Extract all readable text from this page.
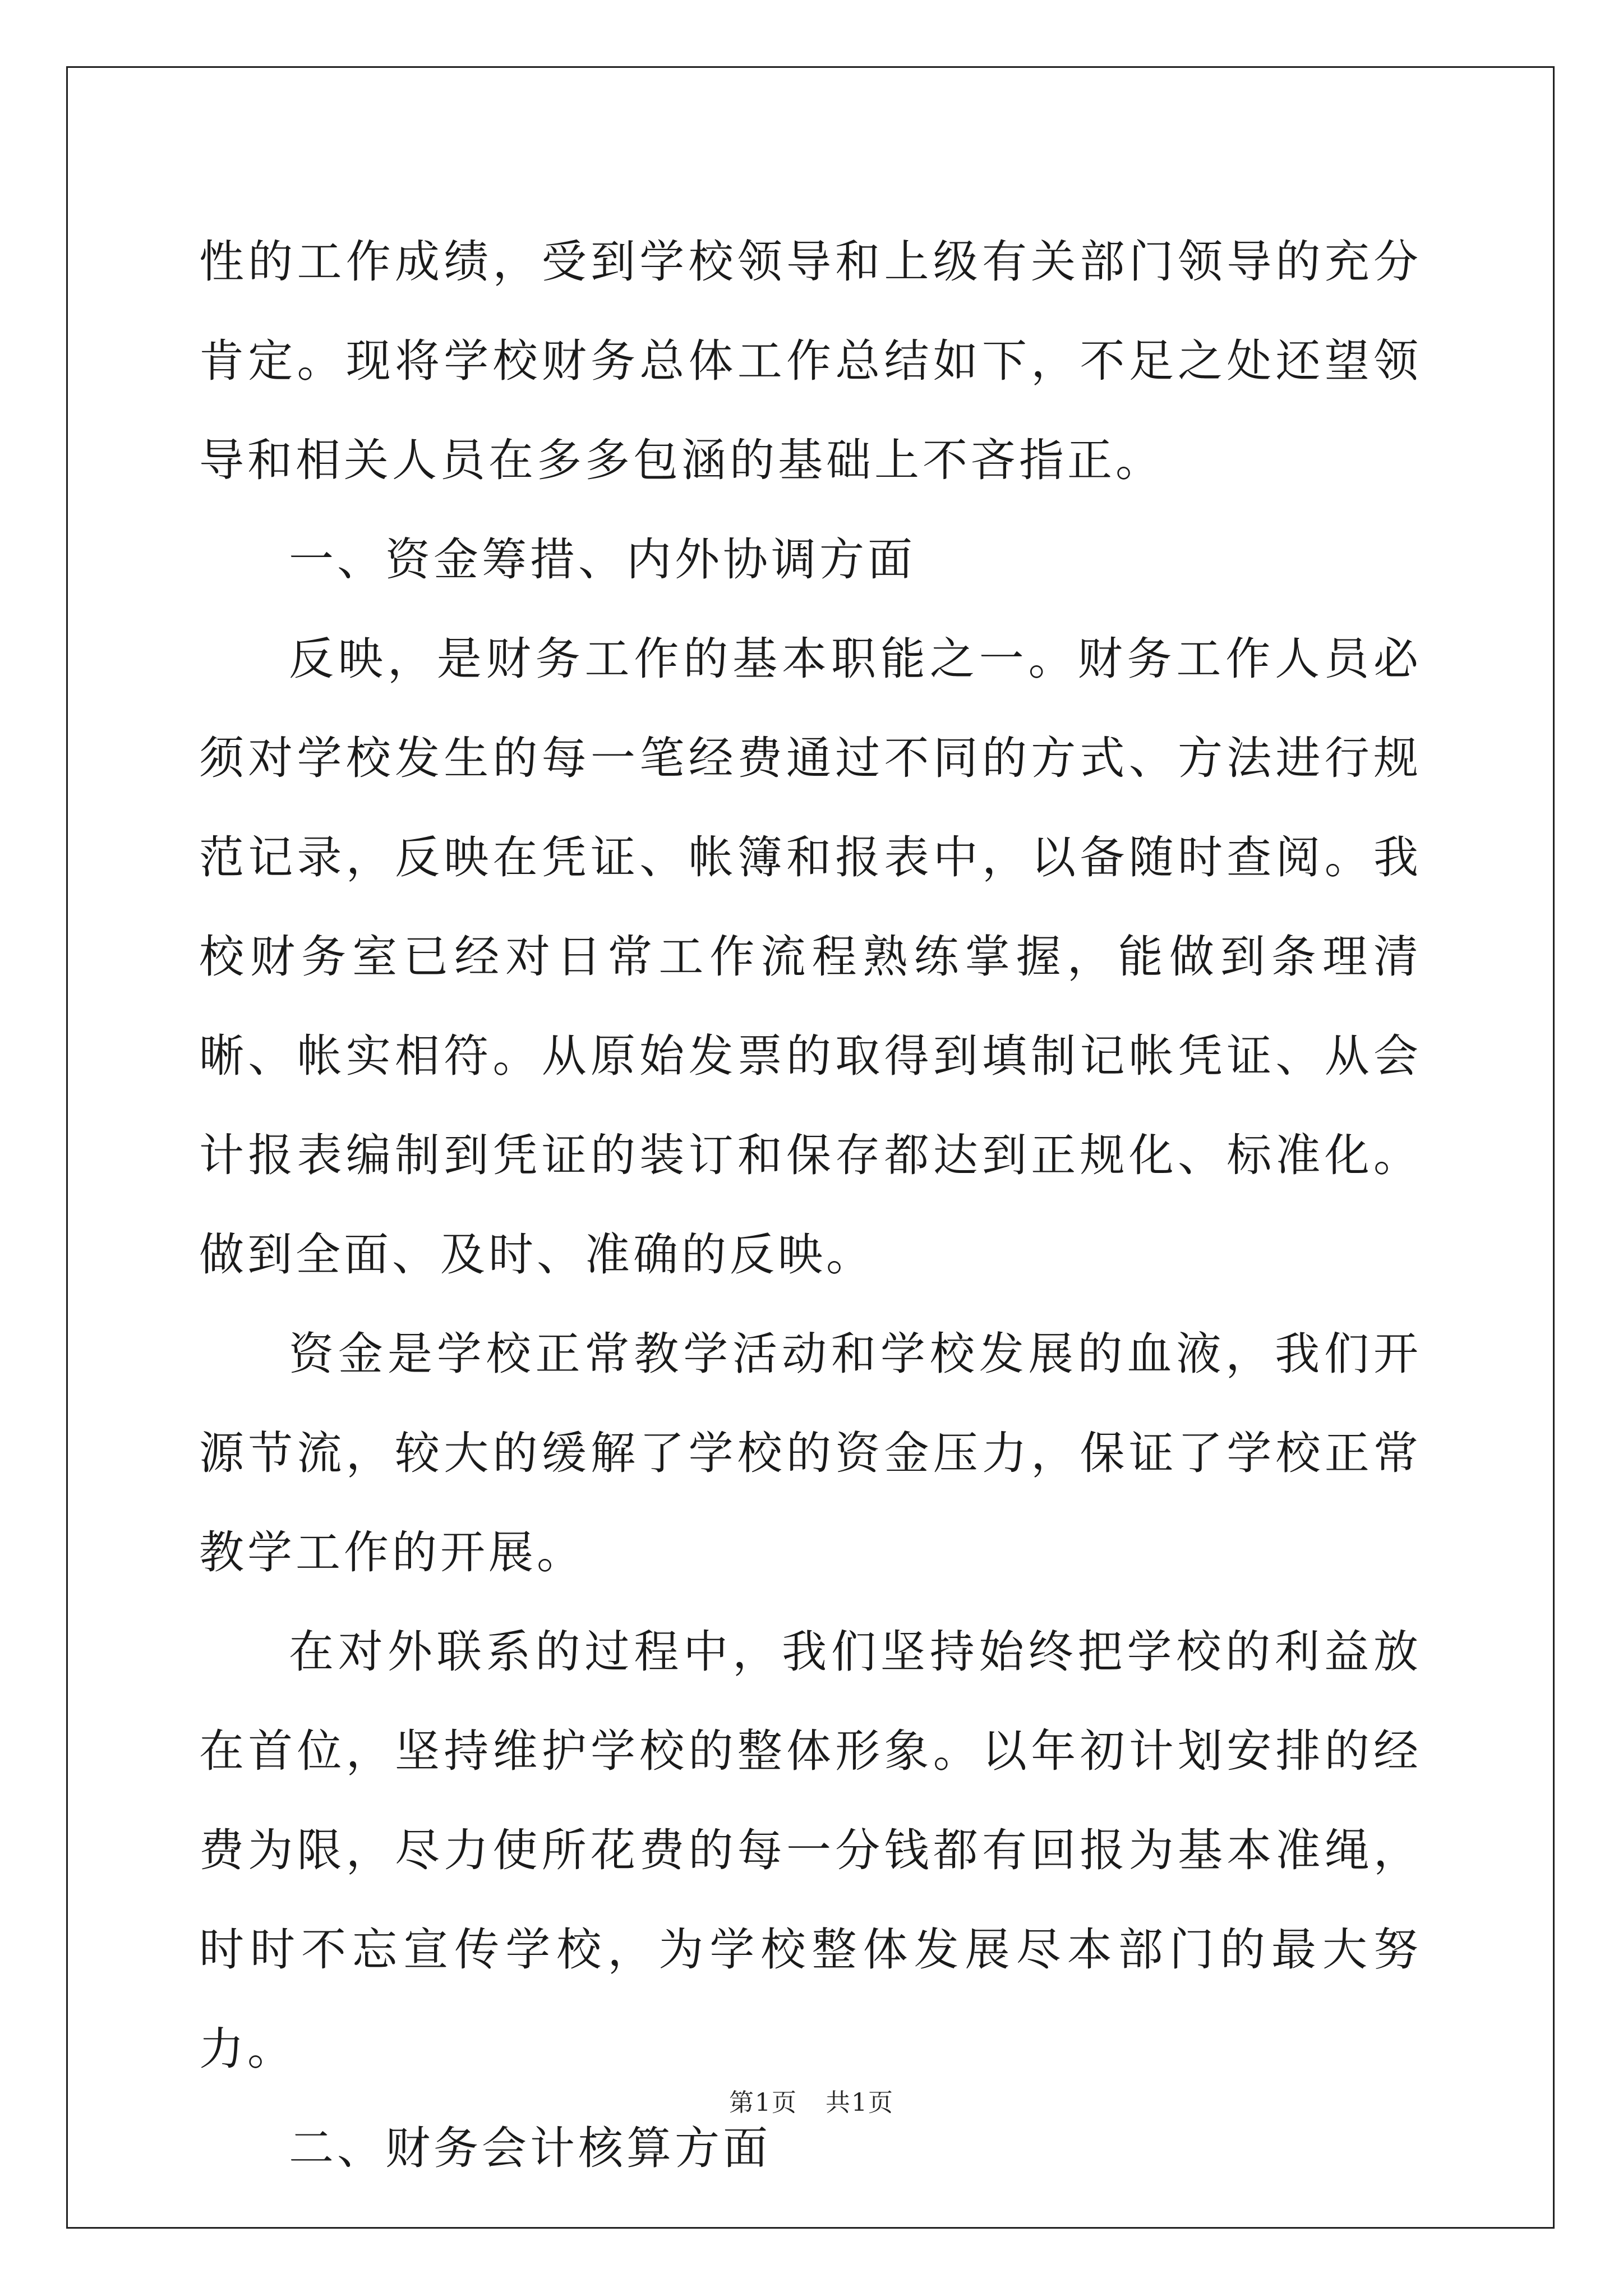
性的工作成绩，受到学校领导和上级有关部门领导的充分肯定。现将学校财务总体工作总结如下，不足之处还望领导和相关人员在多多包涵的基础上不吝指正。

一、资金筹措、内外协调方面

反映，是财务工作的基本职能之一。财务工作人员必须对学校发生的每一笔经费通过不同的方式、方法进行规范记录，反映在凭证、帐簿和报表中，以备随时查阅。我校财务室已经对日常工作流程熟练掌握，能做到条理清晰、帐实相符。从原始发票的取得到填制记帐凭证、从会计报表编制到凭证的装订和保存都达到正规化、标准化。做到全面、及时、准确的反映。

资金是学校正常教学活动和学校发展的血液，我们开源节流，较大的缓解了学校的资金压力，保证了学校正常教学工作的开展。

在对外联系的过程中，我们坚持始终把学校的利益放在首位，坚持维护学校的整体形象。以年初计划安排的经费为限，尽力使所花费的每一分钱都有回报为基本准绳，时时不忘宣传学校，为学校整体发展尽本部门的最大努力。

二、财务会计核算方面

第1页 共1页
